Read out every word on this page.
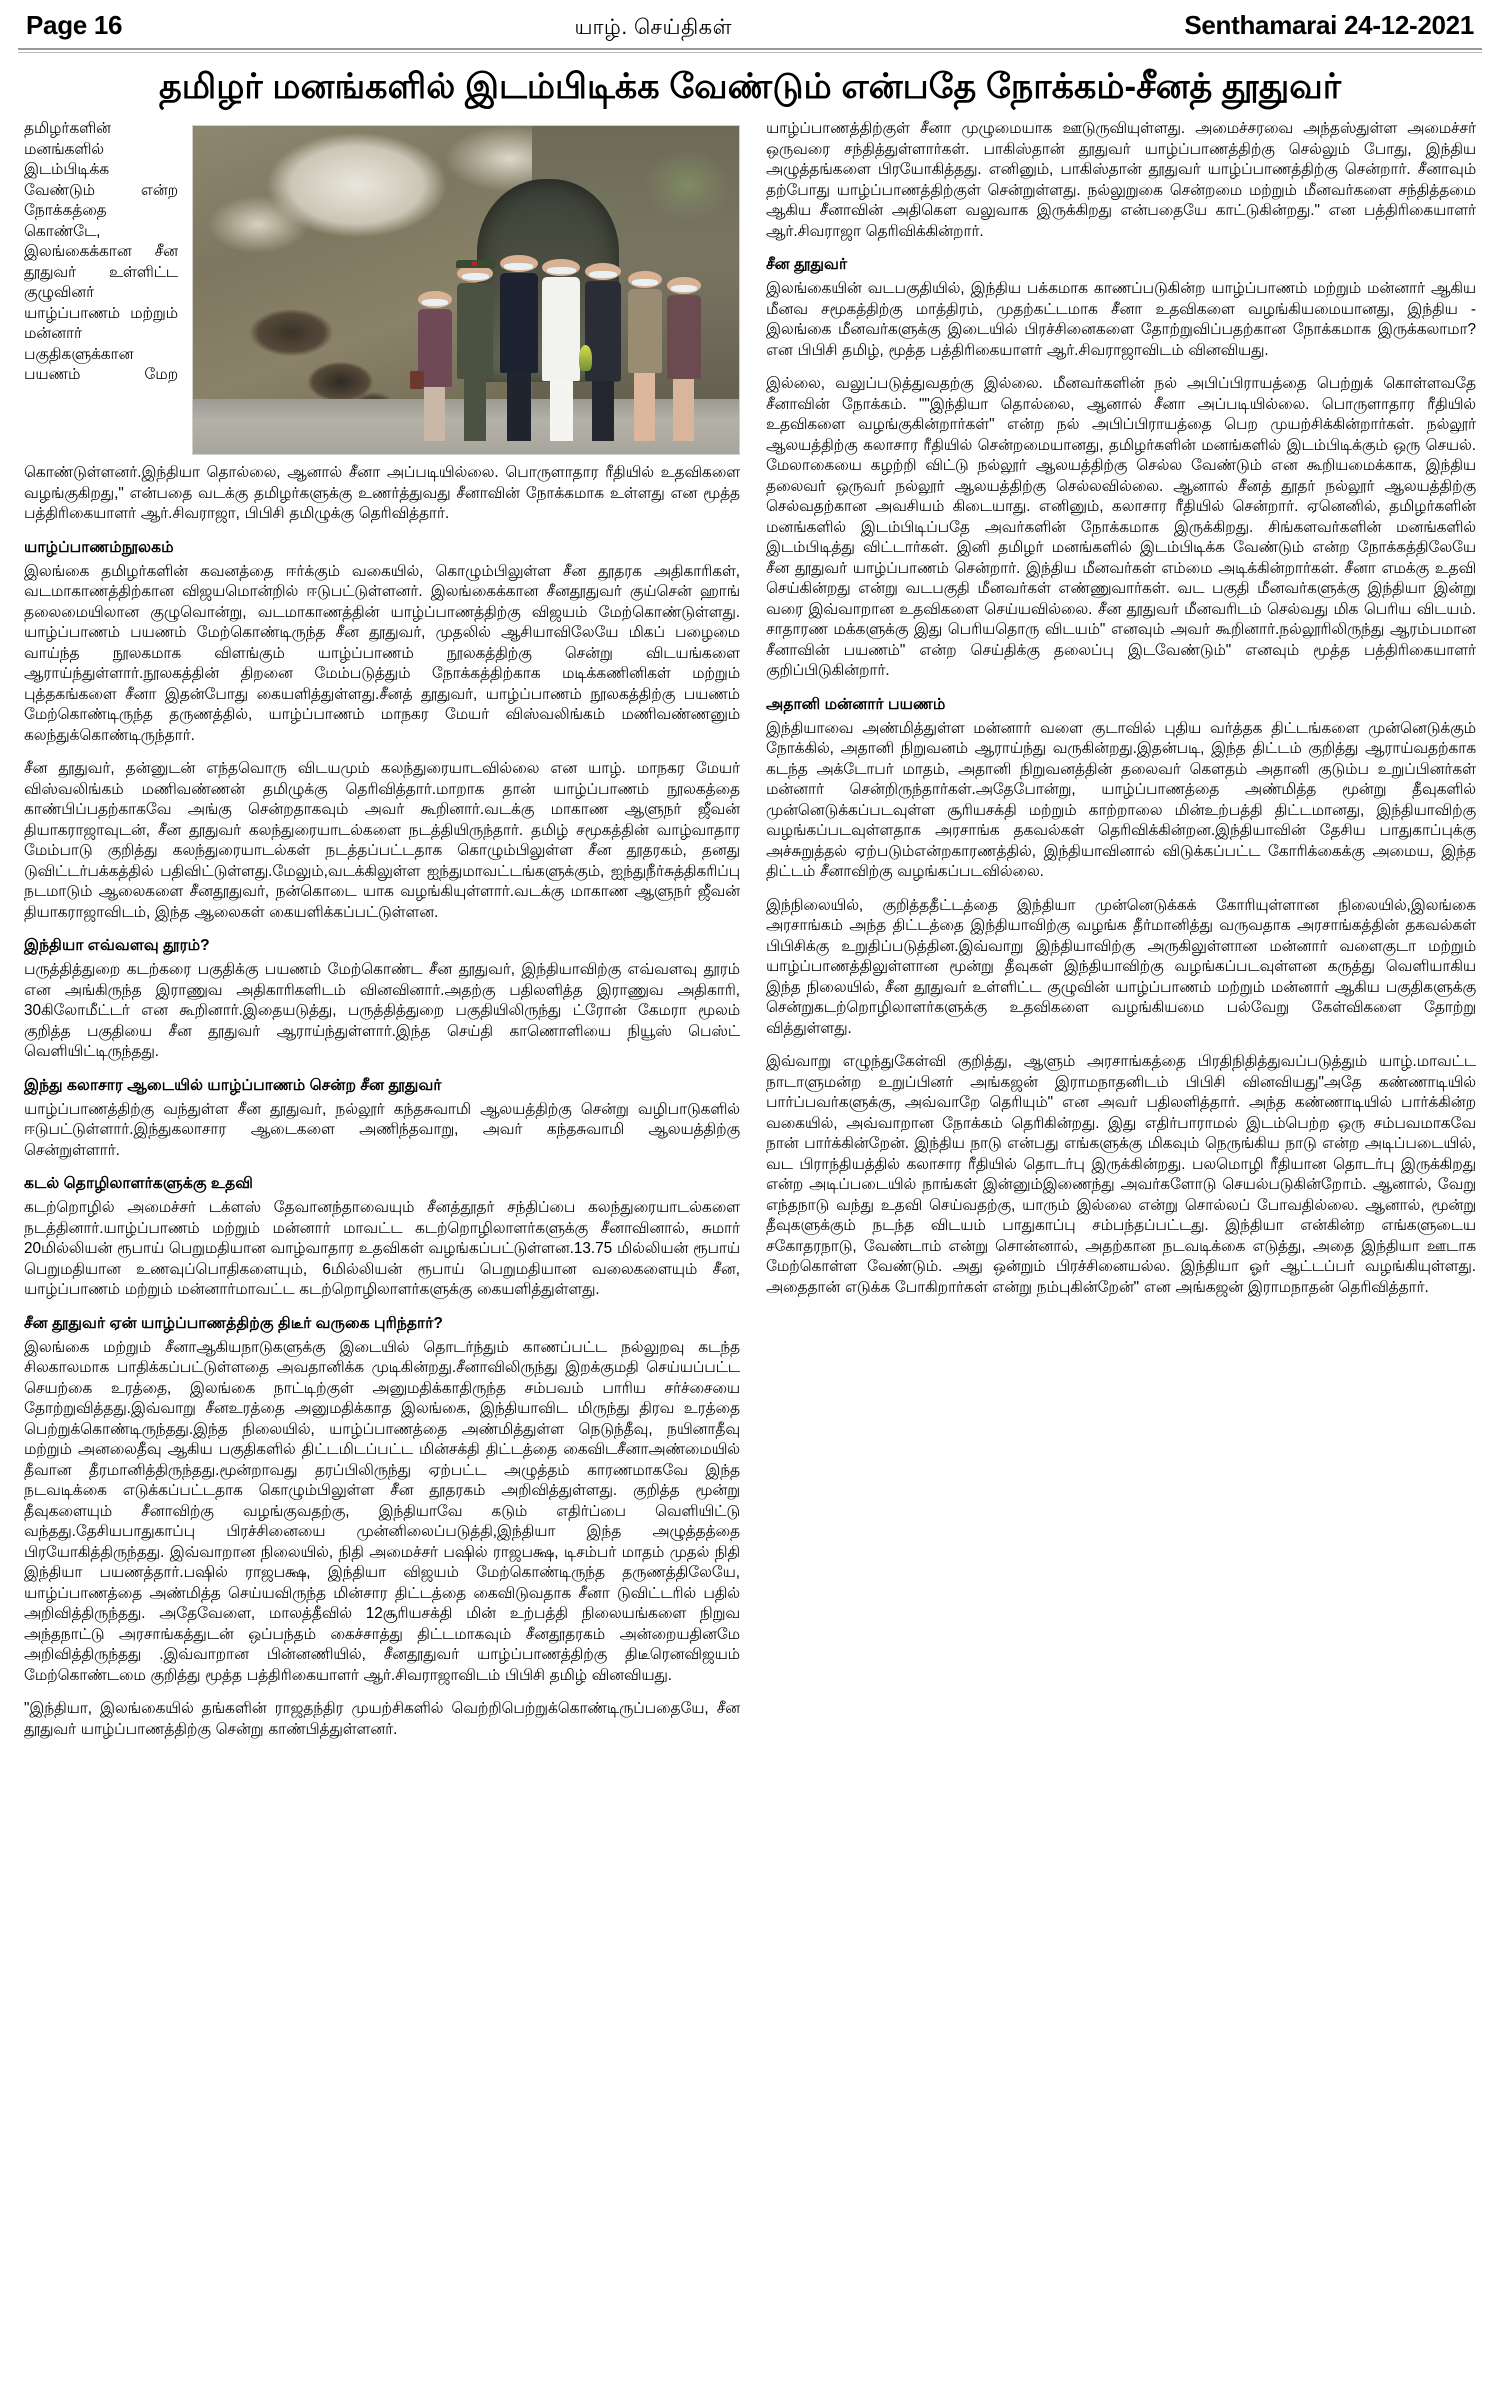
Page 16	யாழ். செய்திகள்	Senthamarai 24-12-2021
தமிழர் மனங்களில் இடம்பிடிக்க வேண்டும் என்பதே நோக்கம்-சீனத் தூதுவர்

தமிழர்களின் மனங்களில் இடம்பிடிக்க வேண்டும் என்ற நோக்கத்தை கொண்டே, இலங்கைக்கான சீன தூதுவர் உள்ளிட்ட குழுவினர் யாழ்ப்பாணம் மற்றும் மன்னார் பகுதிகளுக்கான பயணம் மேற கொண்டுள்ளனர்.இந்தியா தொல்லை, ஆனால் சீனா அப்படியில்லை. பொருளாதார ரீதியில் உதவிகளை வழங்குகிறது," என்பதை வடக்கு தமிழர்களுக்கு உணர்த்துவது சீனாவின் நோக்கமாக உள்ளது என மூத்த பத்திரிகையாளர் ஆர்.சிவராஜா, பிபிசி தமிழுக்கு தெரிவித்தார்.

யாழ்ப்பாணம்நூலகம்

இலங்கை தமிழர்களின் கவனத்தை ஈர்க்கும் வகையில், கொழும்பிலுள்ள சீன தூதரக அதிகாரிகள், வடமாகாணத்திற்கான விஜயமொன்றில் ஈடுபட்டுள்ளனர். இலங்கைக்கான சீனதூதுவர் குய்சென் ஹாங் தலைமையிலான குழுவொன்று, வடமாகாணத்தின் யாழ்ப்பாணத்திற்கு விஜயம் மேற்கொண்டுள்ளது. யாழ்ப்பாணம் பயணம் மேற்கொண்டிருந்த சீன தூதுவர், முதலில் ஆசியாவிலேயே மிகப் பழைமை வாய்ந்த நூலகமாக விளங்கும் யாழ்ப்பாணம் நூலகத்திற்கு சென்று விடயங்களை ஆராய்ந்துள்ளார்.நூலகத்தின் திறனை மேம்படுத்தும் நோக்கத்திற்காக மடிக்கணினிகள் மற்றும் புத்தகங்களை சீனா இதன்போது கையளித்துள்ளது.சீனத் தூதுவர், யாழ்ப்பாணம் நூலகத்திற்கு பயணம் மேற்கொண்டிருந்த தருணத்தில், யாழ்ப்பாணம் மாநகர மேயர் விஸ்வலிங்கம் மணிவண்ணனும் கலந்துக்கொண்டிருந்தார்.

சீன தூதுவர், தன்னுடன் எந்தவொரு விடயமும் கலந்துரையாடவில்லை என யாழ். மாநகர மேயர் விஸ்வலிங்கம் மணிவண்ணன் தமிழுக்கு தெரிவித்தார்.மாறாக தான் யாழ்ப்பாணம் நூலகத்தை காண்பிப்பதற்காகவே அங்கு சென்றதாகவும் அவர் கூறினார்.வடக்கு மாகாண ஆளுநர் ஜீவன் தியாகராஜாவுடன், சீன தூதுவர் கலந்துரையாடல்களை நடத்தியிருந்தார். தமிழ் சமூகத்தின் வாழ்வாதார மேம்பாடு குறித்து கலந்துரையாடல்கள் நடத்தப்பட்டதாக கொழும்பிலுள்ள சீன தூதரகம், தனது டுவிட்டர்பக்கத்தில் பதிவிட்டுள்ளது.மேலும்,வடக்கிலுள்ள ஐந்துமாவட்டங்களுக்கும், ஐந்துநீர்சுத்திகரிப்பு நடமாடும் ஆலைகளை சீனதூதுவர், நன்கொடை யாக வழங்கியுள்ளார்.வடக்கு மாகாண ஆளுநர் ஜீவன் தியாகராஜாவிடம், இந்த ஆலைகள் கையளிக்கப்பட்டுள்ளன.

இந்தியா எவ்வளவு தூரம்?

பருத்தித்துறை கடற்கரை பகுதிக்கு பயணம் மேற்கொண்ட சீன தூதுவர், இந்தியாவிற்கு எவ்வளவு தூரம் என அங்கிருந்த இராணுவ அதிகாரிகளிடம் வினவினார்.அதற்கு பதிலளித்த இராணுவ அதிகாரி, 30கிலோமீட்டர் என கூறினார்.இதையடுத்து, பருத்தித்துறை பகுதியிலிருந்து ட்ரோன் கேமரா மூலம் குறித்த பகுதியை சீன தூதுவர் ஆராய்ந்துள்ளார்.இந்த செய்தி காணொளியை நியூஸ் பெஸ்ட் வெளியிட்டிருந்தது.

இந்து கலாசார ஆடையில் யாழ்ப்பாணம் சென்ற சீன தூதுவர்

யாழ்ப்பாணத்திற்கு வந்துள்ள சீன தூதுவர், நல்லூர் கந்தசுவாமி ஆலயத்திற்கு சென்று வழிபாடுகளில் ஈடுபட்டுள்ளார்.இந்துகலாசார ஆடைகளை அணிந்தவாறு, அவர் கந்தசுவாமி ஆலயத்திற்கு சென்றுள்ளார்.

கடல் தொழிலாளர்களுக்கு உதவி

கடற்றொழில் அமைச்சர் டக்ளஸ் தேவானந்தாவையும் சீனத்தூதர் சந்திப்பை கலந்துரையாடல்களை நடத்தினார்.யாழ்ப்பாணம் மற்றும் மன்னார் மாவட்ட கடற்றொழிலாளர்களுக்கு சீனாவினால், சுமார் 20மில்லியன் ரூபாய் பெறுமதியான வாழ்வாதார உதவிகள் வழங்கப்பட்டுள்ளன.13.75 மில்லியன் ரூபாய் பெறுமதியான உணவுப்பொதிகளையும், 6மில்லியன் ரூபாய் பெறுமதியான வலைகளையும் சீன, யாழ்ப்பாணம் மற்றும் மன்னார்மாவட்ட கடற்றொழிலாளர்களுக்கு கையளித்துள்ளது.

சீன தூதுவர் ஏன் யாழ்ப்பாணத்திற்கு திடீர் வருகை புரிந்தார்?

இலங்கை மற்றும் சீனாஆகியநாடுகளுக்கு இடையில் தொடர்ந்தும் காணப்பட்ட நல்லுறவு கடந்த சிலகாலமாக பாதிக்கப்பட்டுள்ளதை அவதானிக்க முடிகின்றது.சீனாவிலிருந்து இறக்குமதி செய்யப்பட்ட செயற்கை உரத்தை, இலங்கை நாட்டிற்குள் அனுமதிக்காதிருந்த சம்பவம் பாரிய சர்ச்சையை தோற்றுவித்தது.இவ்வாறு சீனஉரத்தை அனுமதிக்காத இலங்கை, இந்தியாவிட மிருந்து திரவ உரத்தை பெற்றுக்கொண்டிருந்தது.இந்த நிலையில், யாழ்ப்பாணத்தை அண்மித்துள்ள நெடுந்தீவு, நயினாதீவு மற்றும் அனலைதீவு ஆகிய பகுதிகளில் திட்டமிடப்பட்ட மின்சக்தி திட்டத்தை கைவிடசீனாஅண்மையில் தீவான தீரமானித்திருந்தது.மூன்றாவது தரப்பிலிருந்து ஏற்பட்ட அழுத்தம் காரணமாகவே இந்த நடவடிக்கை எடுக்கப்பட்டதாக கொழும்பிலுள்ள சீன தூதரகம் அறிவித்துள்ளது. குறித்த மூன்று தீவுகளையும் சீனாவிற்கு வழங்குவதற்கு, இந்தியாவே கடும் எதிர்ப்பை வெளியிட்டு வந்தது.தேசியபாதுகாப்பு பிரச்சினையை முன்னிலைப்படுத்தி,இந்தியா இந்த அழுத்தத்தை பிரயோகித்திருந்தது. இவ்வாறான நிலையில், நிதி அமைச்சர் பஷில் ராஜபக்ஷ, டிசம்பர் மாதம் முதல் நிதி இந்தியா பயணத்தார்.பஷில் ராஜபக்ஷ, இந்தியா விஜயம் மேற்கொண்டிருந்த தருணத்திலேயே, யாழ்ப்பாணத்தை அண்மித்த செய்யவிருந்த மின்சார திட்டத்தை கைவிடுவதாக சீனா டுவிட்டரில் பதில் அறிவித்திருந்தது. அதேவேளை, மாலத்தீவில் 12சூரியசக்தி மின் உற்பத்தி நிலையங்களை நிறுவ அந்தநாட்டு அரசாங்கத்துடன் ஒப்பந்தம் கைச்சாத்து திட்டமாகவும் சீனதூதரகம் அன்றையதினமே அறிவித்திருந்தது .இவ்வாறான பின்னணியில், சீனதூதுவர் யாழ்ப்பாணத்திற்கு திடீரெனவிஜயம் மேற்கொண்டமை குறித்து மூத்த பத்திரிகையாளர் ஆர்.சிவராஜாவிடம் பிபிசி தமிழ் வினவியது.

"இந்தியா, இலங்கையில் தங்களின் ராஜதந்திர முயற்சிகளில் வெற்றிபெற்றுக்கொண்டிருப்பதையே, சீன தூதுவர் யாழ்ப்பாணத்திற்கு சென்று காண்பித்துள்ளனர்.

யாழ்ப்பாணத்திற்குள் சீனா முழுமையாக ஊடுருவியுள்ளது. அமைச்சரவை அந்தஸ்துள்ள அமைச்சர் ஒருவரை சந்தித்துள்ளார்கள். பாகிஸ்தான் தூதுவர் யாழ்ப்பாணத்திற்கு செல்லும் போது, இந்திய அழுத்தங்களை பிரயோகித்தது. எனினும், பாகிஸ்தான் தூதுவர் யாழ்ப்பாணத்திற்கு சென்றார். சீனாவும் தற்போது யாழ்ப்பாணத்திற்குள் சென்றுள்ளது. நல்லுறுகை சென்றமை மற்றும் மீனவர்களை சந்தித்தமை ஆகிய சீனாவின் அதிகௌ வலுவாக இருக்கிறது என்பதையே காட்டுகின்றது." என பத்திரிகையாளர் ஆர்.சிவராஜா தெரிவிக்கின்றார்.

சீன தூதுவர்

இலங்கையின் வடபகுதியில், இந்திய பக்கமாக காணப்படுகின்ற யாழ்ப்பாணம் மற்றும் மன்னார் ஆகிய மீனவ சமூகத்திற்கு மாத்திரம், முதற்கட்டமாக சீனா உதவிகளை வழங்கியமையானது, இந்திய - இலங்கை மீனவர்களுக்கு இடையில் பிரச்சினைகளை தோற்றுவிப்பதற்கான நோக்கமாக இருக்கலாமா? என பிபிசி தமிழ், மூத்த பத்திரிகையாளர் ஆர்.சிவராஜாவிடம் வினவியது.

இல்லை, வலுப்படுத்துவதற்கு இல்லை. மீனவர்களின் நல் அபிப்பிராயத்தை பெற்றுக் கொள்ளவதே சீனாவின் நோக்கம். ""இந்தியா தொல்லை, ஆனால் சீனா அப்படியில்லை. பொருளாதார ரீதியில் உதவிகளை வழங்குகின்றார்கள்" என்ற நல் அபிப்பிராயத்தை பெற முயற்சிக்கின்றார்கள். நல்லூர் ஆலயத்திற்கு கலாசார ரீதியில் சென்றமையானது, தமிழர்களின் மனங்களில் இடம்பிடிக்கும் ஒரு செயல். மேலாகையை கழற்றி விட்டு நல்லூர் ஆலயத்திற்கு செல்ல வேண்டும் என கூறியமைக்காக, இந்திய தலைவர் ஒருவர் நல்லூர் ஆலயத்திற்கு செல்லவில்லை. ஆனால் சீனத் தூதர் நல்லூர் ஆலயத்திற்கு செல்வதற்கான அவசியம் கிடையாது. எனினும், கலாசார ரீதியில் சென்றார். ஏனெனில், தமிழர்களின் மனங்களில் இடம்பிடிப்பதே அவர்களின் நோக்கமாக இருக்கிறது. சிங்களவர்களின் மனங்களில் இடம்பிடித்து விட்டார்கள். இனி தமிழர் மனங்களில் இடம்பிடிக்க வேண்டும் என்ற நோக்கத்திலேயே சீன தூதுவர் யாழ்ப்பாணம் சென்றார். இந்திய மீனவர்கள் எம்மை அடிக்கின்றார்கள். சீனா எமக்கு உதவி செய்கின்றது என்று வடபகுதி மீனவர்கள் எண்ணுவார்கள். வட பகுதி மீனவர்களுக்கு இந்தியா இன்று வரை இவ்வாறான உதவிகளை செய்யவில்லை. சீன தூதுவர் மீனவரிடம் செல்வது மிக பெரிய விடயம். சாதாரண மக்களுக்கு இது பெரியதொரு விடயம்" எனவும் அவர் கூறினார்.நல்லூரிலிருந்து ஆரம்பமான சீனாவின் பயணம்" என்ற செய்திக்கு தலைப்பு இடவேண்டும்" எனவும் மூத்த பத்திரிகையாளர் குறிப்பிடுகின்றார்.

அதானி மன்னார் பயணம்

இந்தியாவை அண்மித்துள்ள மன்னார் வளை குடாவில் புதிய வர்த்தக திட்டங்களை முன்னெடுக்கும் நோக்கில், அதானி நிறுவனம் ஆராய்ந்து வருகின்றது.இதன்படி, இந்த திட்டம் குறித்து ஆராய்வதற்காக கடந்த அக்டோபர் மாதம், அதானி நிறுவனத்தின் தலைவர் கௌதம் அதானி குடும்ப உறுப்பினர்கள் மன்னார் சென்றிருந்தார்கள்.அதேபோன்று, யாழ்ப்பாணத்தை அண்மித்த மூன்று தீவுகளில் முன்னெடுக்கப்படவுள்ள சூரியசக்தி மற்றும் காற்றாலை மின்உற்பத்தி திட்டமானது, இந்தியாவிற்கு வழங்கப்படவுள்ளதாக அரசாங்க தகவல்கள் தெரிவிக்கின்றன.இந்தியாவின் தேசிய பாதுகாப்புக்கு அச்சுறுத்தல் ஏற்படும்என்றகாரணத்தில், இந்தியாவினால் விடுக்கப்பட்ட கோரிக்கைக்கு அமைய, இந்த திட்டம் சீனாவிற்கு வழங்கப்படவில்லை.

இந்நிலையில், குறித்ததீட்டத்தை இந்தியா முன்னெடுக்கக் கோரியுள்ளான நிலையில்,இலங்கை அரசாங்கம் அந்த திட்டத்தை இந்தியாவிற்கு வழங்க தீர்மானித்து வருவதாக அரசாங்கத்தின் தகவல்கள் பிபிசிக்கு உறுதிப்படுத்தின.இவ்வாறு இந்தியாவிற்கு அருகிலுள்ளான மன்னார் வளைகுடா மற்றும் யாழ்ப்பாணத்திலுள்ளான மூன்று தீவுகள் இந்தியாவிற்கு வழங்கப்படவுள்ளன கருத்து வெளியாகிய இந்த நிலையில், சீன தூதுவர் உள்ளிட்ட குழுவின் யாழ்ப்பாணம் மற்றும் மன்னார் ஆகிய பகுதிகளுக்கு சென்றுகடற்றொழிலாளர்களுக்கு உதவிகளை வழங்கியமை பல்வேறு கேள்விகளை தோற்று வித்துள்ளது.

இவ்வாறு எழுந்துகேள்வி குறித்து, ஆளும் அரசாங்கத்தை பிரதிநிதித்துவப்படுத்தும் யாழ்.மாவட்ட நாடாளுமன்ற உறுப்பினர் அங்கஜன் இராமநாதனிடம் பிபிசி வினவியது"அதே கண்ணாடியில் பார்ப்பவர்களுக்கு, அவ்வாறே தெரியும்" என அவர் பதிலளித்தார். அந்த கண்ணாடியில் பார்க்கின்ற வகையில், அவ்வாறான நோக்கம் தெரிகின்றது. இது எதிர்பாராமல் இடம்பெற்ற ஒரு சம்பவமாகவே நான் பார்க்கின்றேன். இந்திய நாடு என்பது எங்களுக்கு மிகவும் நெருங்கிய நாடு என்ற அடிப்படையில், வட பிராந்தியத்தில் கலாசார ரீதியில் தொடர்பு இருக்கின்றது. பலமொழி ரீதியான தொடர்பு இருக்கிறது என்ற அடிப்படையில் நாங்கள் இன்னும்இணைந்து அவர்களோடு செயல்படுகின்றோம். ஆனால், வேறு எந்தநாடு வந்து உதவி செய்வதற்கு, யாரும் இல்லை என்று சொல்லப் போவதில்லை. ஆனால், மூன்று தீவுகளுக்கும் நடந்த விடயம் பாதுகாப்பு சம்பந்தப்பட்டது. இந்தியா என்கின்ற எங்களுடைய சகோதரநாடு, வேண்டாம் என்று சொன்னால், அதற்கான நடவடிக்கை எடுத்து, அதை இந்தியா ஊடாக மேற்கொள்ள வேண்டும். அது ஒன்றும் பிரச்சினையல்ல. இந்தியா ஓர் ஆட்டப்பர் வழங்கியுள்ளது. அதைதான் எடுக்க போகிறார்கள் என்று நம்புகின்றேன்" என அங்கஜன் இராமநாதன் தெரிவித்தார்.
